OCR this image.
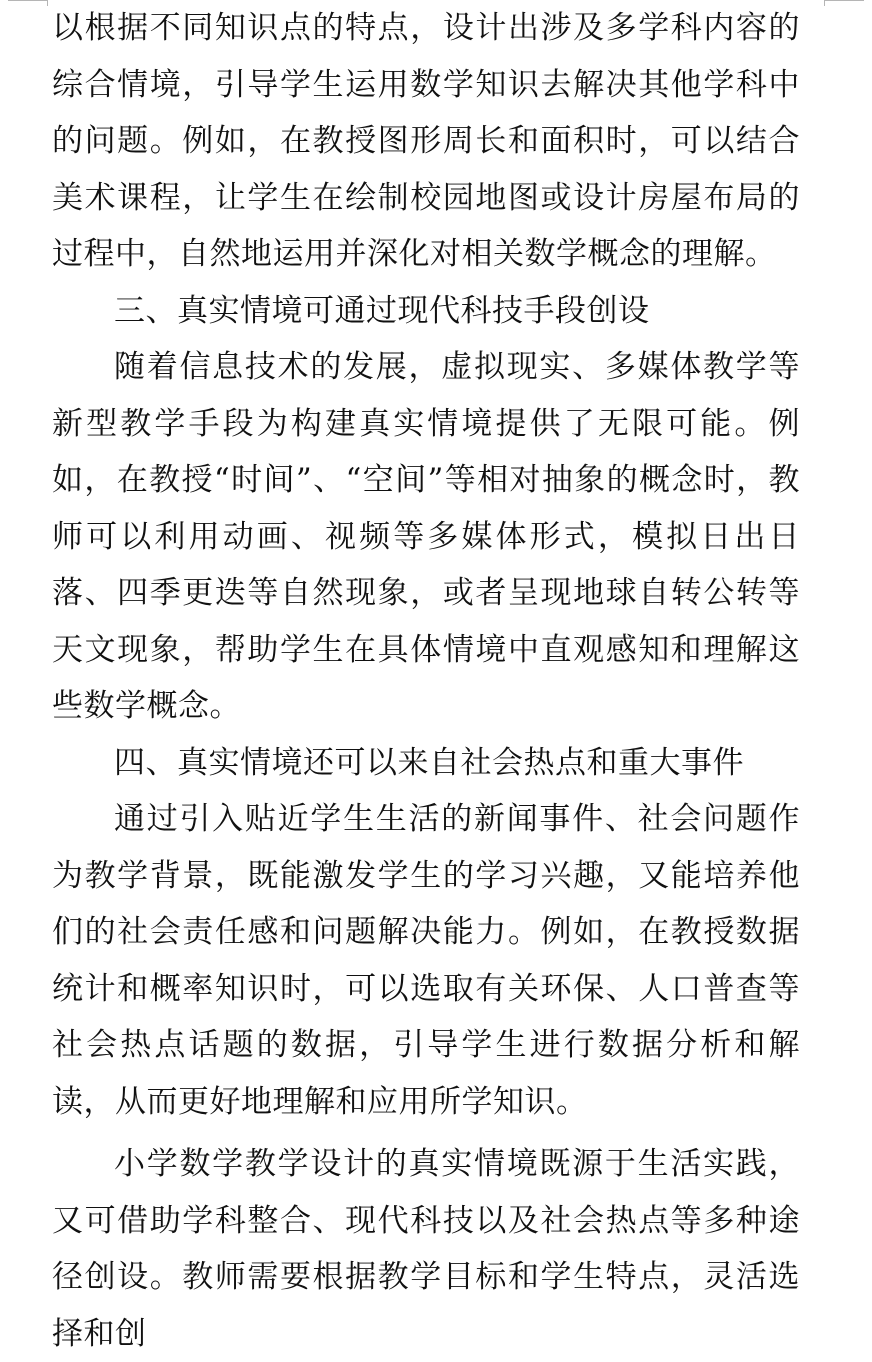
以根据不同知识点的特点，设计出涉及多学科内容的综合情境，引导学生运用数学知识去解决其他学科中的问题。例如，在教授图形周长和面积时，可以结合美术课程，让学生在绘制校园地图或设计房屋布局的过程中，自然地运用并深化对相关数学概念的理解。

三、真实情境可通过现代科技手段创设

随着信息技术的发展，虚拟现实、多媒体教学等新型教学手段为构建真实情境提供了无限可能。例如，在教授“时间”、“空间”等相对抽象的概念时，教师可以利用动画、视频等多媒体形式，模拟日出日落、四季更迭等自然现象，或者呈现地球自转公转等天文现象，帮助学生在具体情境中直观感知和理解这些数学概念。

四、真实情境还可以来自社会热点和重大事件

通过引入贴近学生生活的新闻事件、社会问题作为教学背景，既能激发学生的学习兴趣，又能培养他们的社会责任感和问题解决能力。例如，在教授数据统计和概率知识时，可以选取有关环保、人口普查等社会热点话题的数据，引导学生进行数据分析和解读，从而更好地理解和应用所学知识。

小学数学教学设计的真实情境既源于生活实践，又可借助学科整合、现代科技以及社会热点等多种途径创设。教师需要根据教学目标和学生特点，灵活选择和创
